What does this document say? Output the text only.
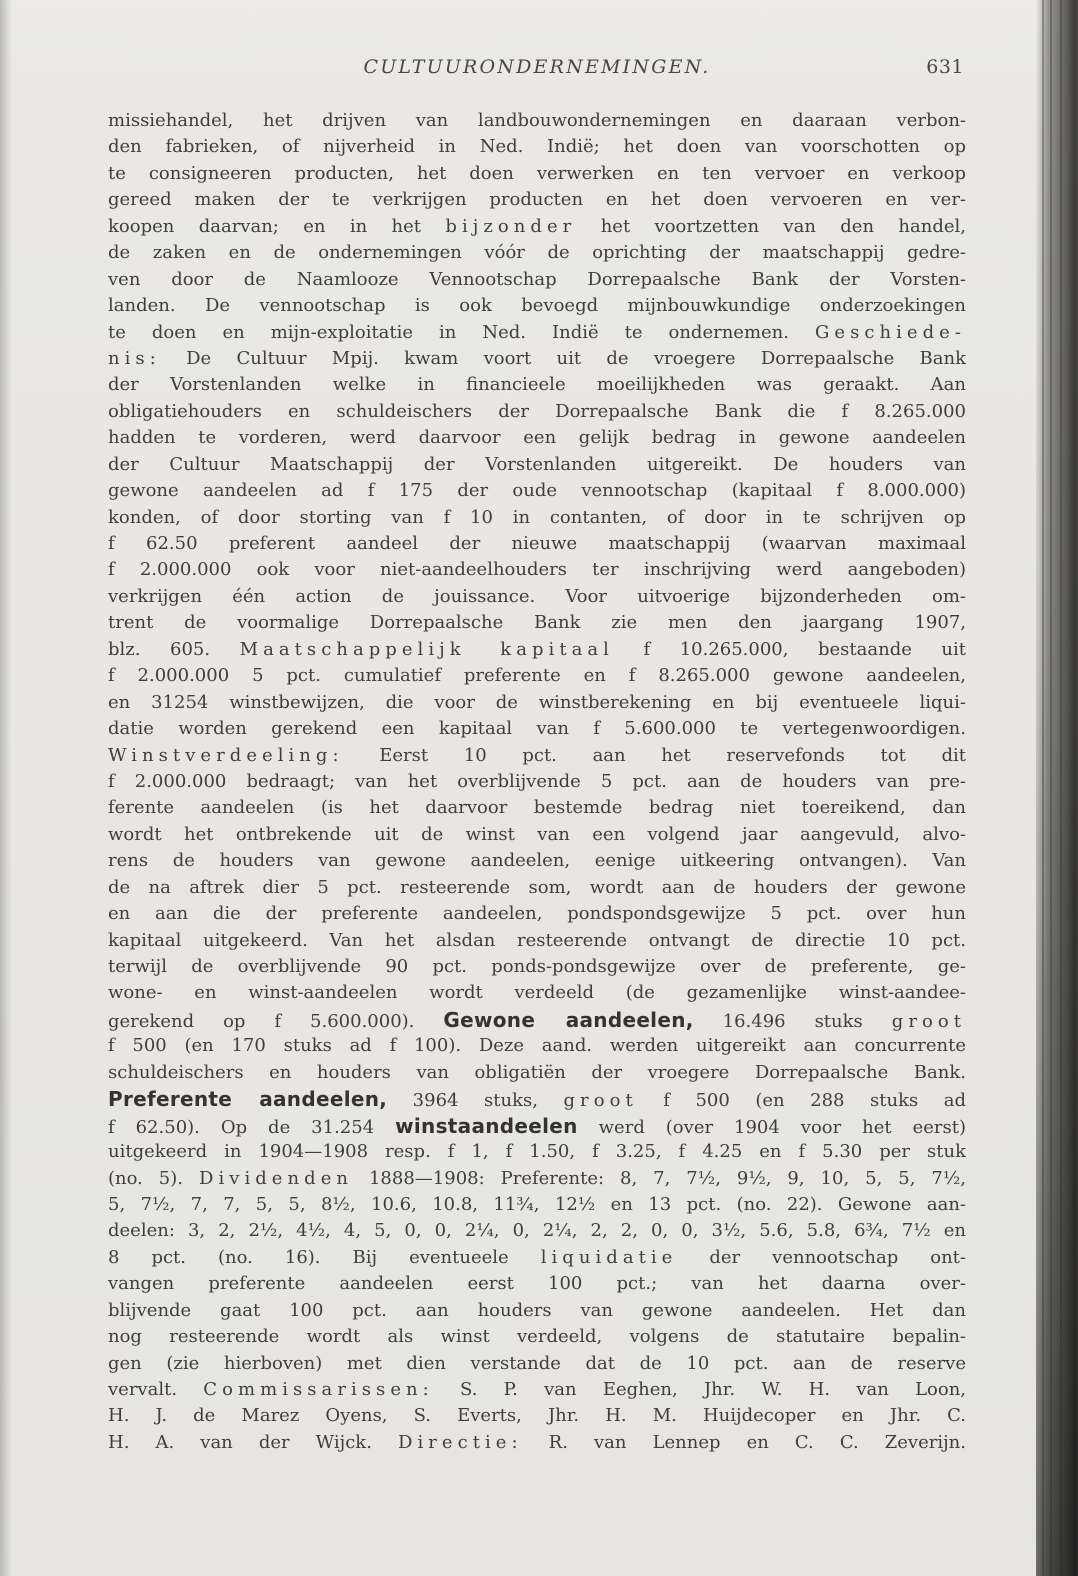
CULTUURONDERNEMINGEN.	631
missiehandel, het drijven van landbouwondernemingen en daaraan verbon-
den fabrieken, of nijverheid in Ned. Indië; het doen van voorschotten op
te consigneeren producten, het doen verwerken en ten vervoer en verkoop
gereed maken der te verkrijgen producten en het doen vervoeren en ver-
koopen daarvan; en in het bijzonder het voortzetten van den handel,
de zaken en de ondernemingen vóór de oprichting der maatschappij gedre-
ven door de Naamlooze Vennootschap Dorrepaalsche Bank der Vorsten-
landen. De vennootschap is ook bevoegd mijnbouwkundige onderzoekingen
te doen en mijn-exploitatie in Ned. Indië te ondernemen. Geschiede-
nis: De Cultuur Mpij. kwam voort uit de vroegere Dorrepaalsche Bank
der Vorstenlanden welke in financieele moeilijkheden was geraakt. Aan
obligatiehouders en schuldeischers der Dorrepaalsche Bank die f 8.265.000
hadden te vorderen, werd daarvoor een gelijk bedrag in gewone aandeelen
der Cultuur Maatschappij der Vorstenlanden uitgereikt. De houders van
gewone aandeelen ad f 175 der oude vennootschap (kapitaal f 8.000.000)
konden, of door storting van f 10 in contanten, of door in te schrijven op
f 62.50 preferent aandeel der nieuwe maatschappij (waarvan maximaal
f 2.000.000 ook voor niet-aandeelhouders ter inschrijving werd aangeboden)
verkrijgen één action de jouissance. Voor uitvoerige bijzonderheden om-
trent de voormalige Dorrepaalsche Bank zie men den jaargang 1907,
blz. 605. Maatschappelijk kapitaal f 10.265.000, bestaande uit
f 2.000.000 5 pct. cumulatief preferente en f 8.265.000 gewone aandeelen,
en 31254 winstbewijzen, die voor de winstberekening en bij eventueele liqui-
datie worden gerekend een kapitaal van f 5.600.000 te vertegenwoordigen.
Winstverdeeling: Eerst 10 pct. aan het reservefonds tot dit
f 2.000.000 bedraagt; van het overblijvende 5 pct. aan de houders van pre-
ferente aandeelen (is het daarvoor bestemde bedrag niet toereikend, dan
wordt het ontbrekende uit de winst van een volgend jaar aangevuld, alvo-
rens de houders van gewone aandeelen, eenige uitkeering ontvangen). Van
de na aftrek dier 5 pct. resteerende som, wordt aan de houders der gewone
en aan die der preferente aandeelen, pondspondsgewijze 5 pct. over hun
kapitaal uitgekeerd. Van het alsdan resteerende ontvangt de directie 10 pct.
terwijl de overblijvende 90 pct. ponds-pondsgewijze over de preferente, ge-
wone- en winst-aandeelen wordt verdeeld (de gezamenlijke winst-aandee-
gerekend op f 5.600.000). Gewone aandeelen, 16.496 stuks groot
f 500 (en 170 stuks ad f 100). Deze aand. werden uitgereikt aan concurrente
schuldeischers en houders van obligatiën der vroegere Dorrepaalsche Bank.
Preferente aandeelen, 3964 stuks, groot f 500 (en 288 stuks ad
f 62.50). Op de 31.254 winstaandeelen werd (over 1904 voor het eerst)
uitgekeerd in 1904—1908 resp. f 1, f 1.50, f 3.25, f 4.25 en f 5.30 per stuk
(no. 5). Dividenden 1888—1908: Preferente: 8, 7, 7½, 9½, 9, 10, 5, 5, 7½,
5, 7½, 7, 7, 5, 5, 8½, 10.6, 10.8, 11¾, 12½ en 13 pct. (no. 22). Gewone aan-
deelen: 3, 2, 2½, 4½, 4, 5, 0, 0, 2¼, 0, 2¼, 2, 2, 0, 0, 3½, 5.6, 5.8, 6¾, 7½ en
8 pct. (no. 16). Bij eventueele liquidatie der vennootschap ont-
vangen preferente aandeelen eerst 100 pct.; van het daarna over-
blijvende gaat 100 pct. aan houders van gewone aandeelen. Het dan
nog resteerende wordt als winst verdeeld, volgens de statutaire bepalin-
gen (zie hierboven) met dien verstande dat de 10 pct. aan de reserve
vervalt. Commissarissen: S. P. van Eeghen, Jhr. W. H. van Loon,
H. J. de Marez Oyens, S. Everts, Jhr. H. M. Huijdecoper en Jhr. C.
H. A. van der Wijck. Directie: R. van Lennep en C. C. Zeverijn.
